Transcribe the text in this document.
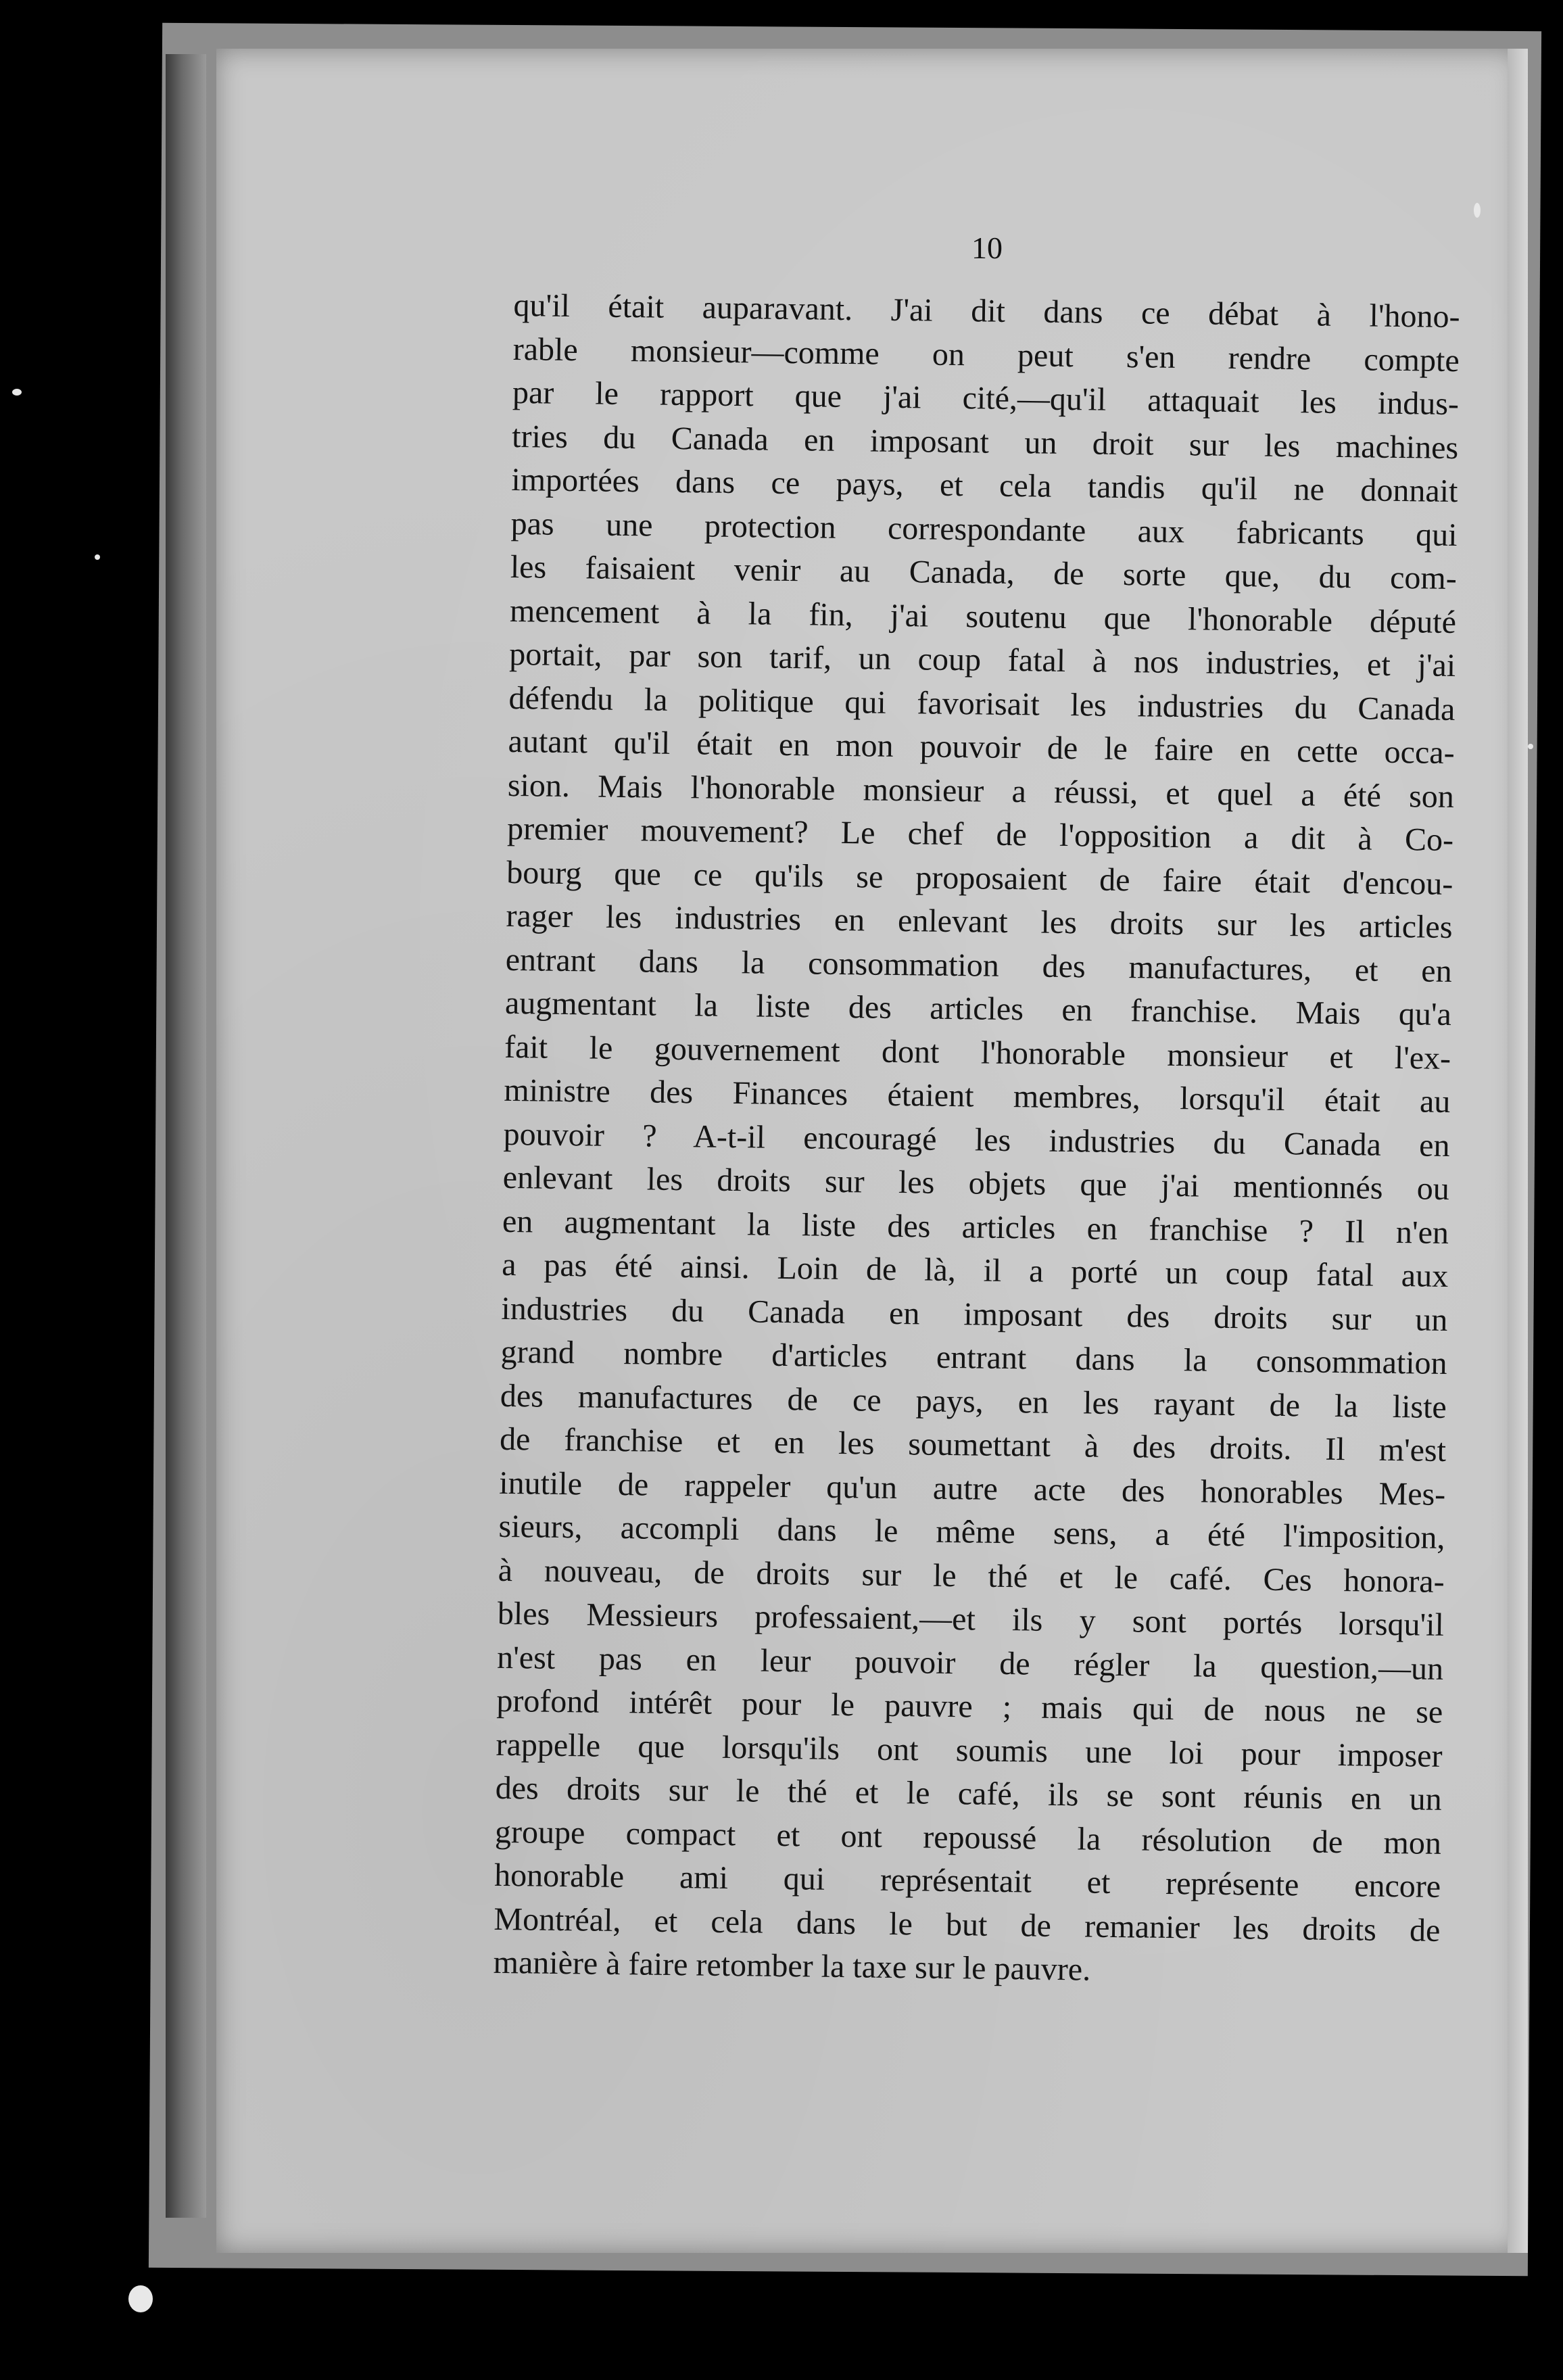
10
qu'il était auparavant. J'ai dit dans ce débat à l'hono-
rable monsieur—comme on peut s'en rendre compte
par le rapport que j'ai cité,—qu'il attaquait les indus-
tries du Canada en imposant un droit sur les machines
importées dans ce pays, et cela tandis qu'il ne donnait
pas une protection correspondante aux fabricants qui
les faisaient venir au Canada, de sorte que, du com-
mencement à la fin, j'ai soutenu que l'honorable député
portait, par son tarif, un coup fatal à nos industries, et j'ai
défendu la politique qui favorisait les industries du Canada
autant qu'il était en mon pouvoir de le faire en cette occa-
sion. Mais l'honorable monsieur a réussi, et quel a été son
premier mouvement? Le chef de l'opposition a dit à Co-
bourg que ce qu'ils se proposaient de faire était d'encou-
rager les industries en enlevant les droits sur les articles
entrant dans la consommation des manufactures, et en
augmentant la liste des articles en franchise. Mais qu'a
fait le gouvernement dont l'honorable monsieur et l'ex-
ministre des Finances étaient membres, lorsqu'il était au
pouvoir ? A-t-il encouragé les industries du Canada en
enlevant les droits sur les objets que j'ai mentionnés ou
en augmentant la liste des articles en franchise ? Il n'en
a pas été ainsi. Loin de là, il a porté un coup fatal aux
industries du Canada en imposant des droits sur un
grand nombre d'articles entrant dans la consommation
des manufactures de ce pays, en les rayant de la liste
de franchise et en les soumettant à des droits. Il m'est
inutile de rappeler qu'un autre acte des honorables Mes-
sieurs, accompli dans le même sens, a été l'imposition,
à nouveau, de droits sur le thé et le café. Ces honora-
bles Messieurs professaient,—et ils y sont portés lorsqu'il
n'est pas en leur pouvoir de régler la question,—un
profond intérêt pour le pauvre ; mais qui de nous ne se
rappelle que lorsqu'ils ont soumis une loi pour imposer
des droits sur le thé et le café, ils se sont réunis en un
groupe compact et ont repoussé la résolution de mon
honorable ami qui représentait et représente encore
Montréal, et cela dans le but de remanier les droits de
manière à faire retomber la taxe sur le pauvre.
